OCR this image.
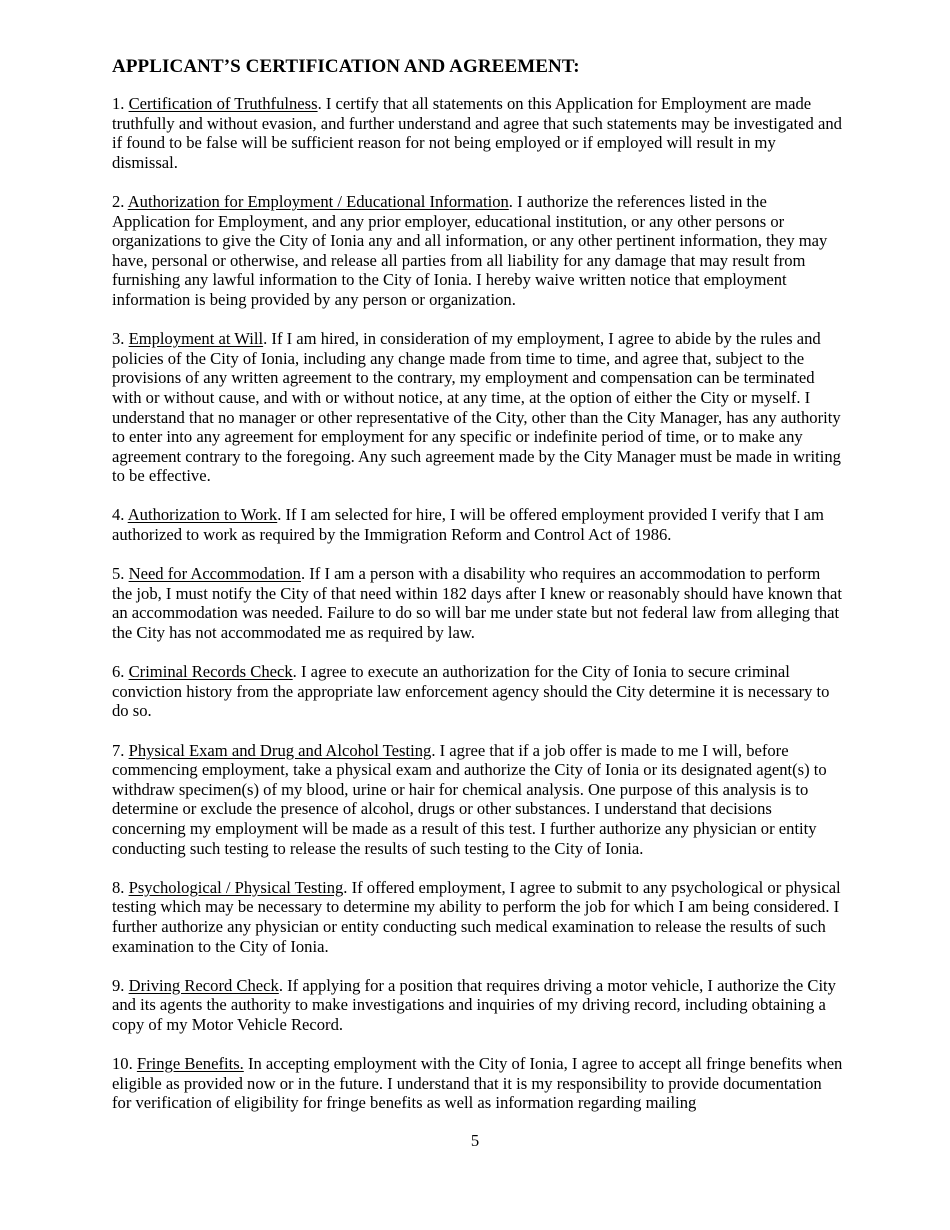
APPLICANT’S CERTIFICATION AND AGREEMENT:

1. Certification of Truthfulness. I certify that all statements on this Application for Employment are made truthfully and without evasion, and further understand and agree that such statements may be investigated and if found to be false will be sufficient reason for not being employed or if employed will result in my dismissal.

2. Authorization for Employment / Educational Information. I authorize the references listed in the Application for Employment, and any prior employer, educational institution, or any other persons or organizations to give the City of Ionia any and all information, or any other pertinent information, they may have, personal or otherwise, and release all parties from all liability for any damage that may result from furnishing any lawful information to the City of Ionia. I hereby waive written notice that employment information is being provided by any person or organization.

3. Employment at Will. If I am hired, in consideration of my employment, I agree to abide by the rules and policies of the City of Ionia, including any change made from time to time, and agree that, subject to the provisions of any written agreement to the contrary, my employment and compensation can be terminated with or without cause, and with or without notice, at any time, at the option of either the City or myself. I understand that no manager or other representative of the City, other than the City Manager, has any authority to enter into any agreement for employment for any specific or indefinite period of time, or to make any agreement contrary to the foregoing. Any such agreement made by the City Manager must be made in writing to be effective.

4. Authorization to Work. If I am selected for hire, I will be offered employment provided I verify that I am authorized to work as required by the Immigration Reform and Control Act of 1986.

5. Need for Accommodation. If I am a person with a disability who requires an accommodation to perform the job, I must notify the City of that need within 182 days after I knew or reasonably should have known that an accommodation was needed. Failure to do so will bar me under state but not federal law from alleging that the City has not accommodated me as required by law.

6. Criminal Records Check. I agree to execute an authorization for the City of Ionia to secure criminal conviction history from the appropriate law enforcement agency should the City determine it is necessary to do so.

7. Physical Exam and Drug and Alcohol Testing. I agree that if a job offer is made to me I will, before commencing employment, take a physical exam and authorize the City of Ionia or its designated agent(s) to withdraw specimen(s) of my blood, urine or hair for chemical analysis. One purpose of this analysis is to determine or exclude the presence of alcohol, drugs or other substances. I understand that decisions concerning my employment will be made as a result of this test. I further authorize any physician or entity conducting such testing to release the results of such testing to the City of Ionia.

8. Psychological / Physical Testing. If offered employment, I agree to submit to any psychological or physical testing which may be necessary to determine my ability to perform the job for which I am being considered. I further authorize any physician or entity conducting such medical examination to release the results of such examination to the City of Ionia.

9. Driving Record Check. If applying for a position that requires driving a motor vehicle, I authorize the City and its agents the authority to make investigations and inquiries of my driving record, including obtaining a copy of my Motor Vehicle Record.

10. Fringe Benefits. In accepting employment with the City of Ionia, I agree to accept all fringe benefits when eligible as provided now or in the future. I understand that it is my responsibility to provide documentation for verification of eligibility for fringe benefits as well as information regarding mailing

5
